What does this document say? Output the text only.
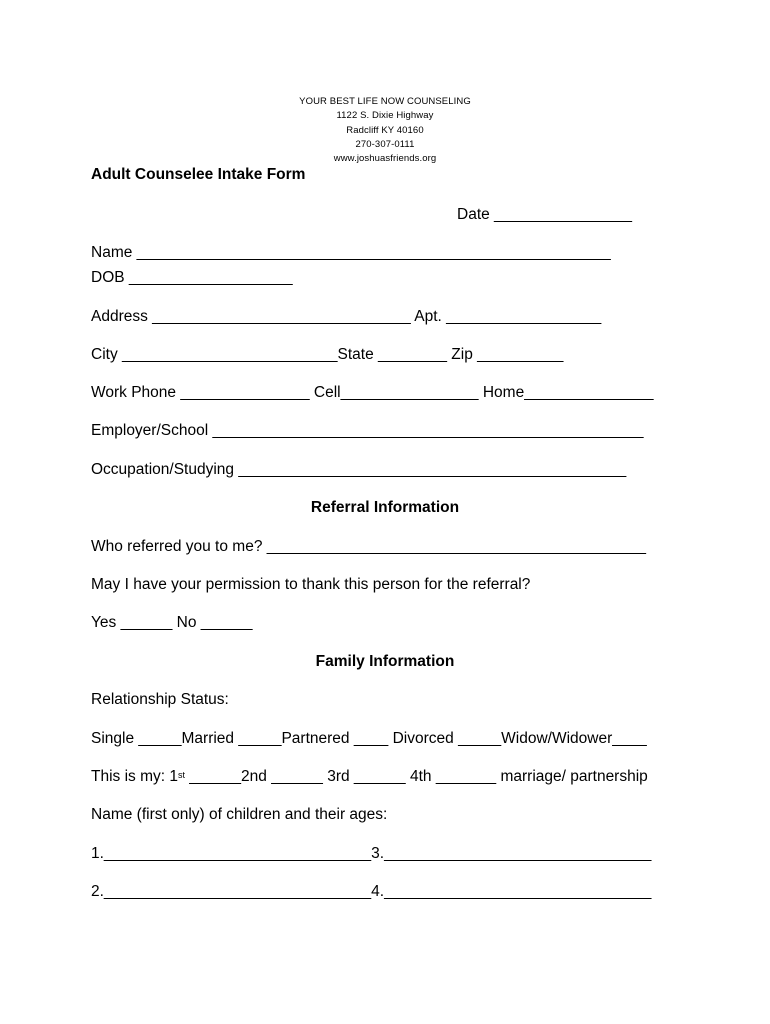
YOUR BEST LIFE NOW COUNSELING
1122 S. Dixie Highway
Radcliff KY 40160
270-307-0111
www.joshuasfriends.org
Adult Counselee Intake Form
Date ________________
Name _______________________________________________________
DOB ___________________
Address ______________________________ Apt. __________________
City _________________________State ________ Zip __________
Work Phone _______________ Cell________________ Home_______________
Employer/School __________________________________________________
Occupation/Studying _____________________________________________
Referral Information
Who referred you to me? ____________________________________________
May I have your permission to thank this person for the referral?
Yes ______ No ______
Family Information
Relationship Status:
Single _____Married _____Partnered ____ Divorced _____Widow/Widower____
This is my: 1st ______2nd ______ 3rd ______ 4th _______ marriage/ partnership
Name (first only) of children and their ages:
1._______________________________3._______________________________
2._______________________________4._______________________________
